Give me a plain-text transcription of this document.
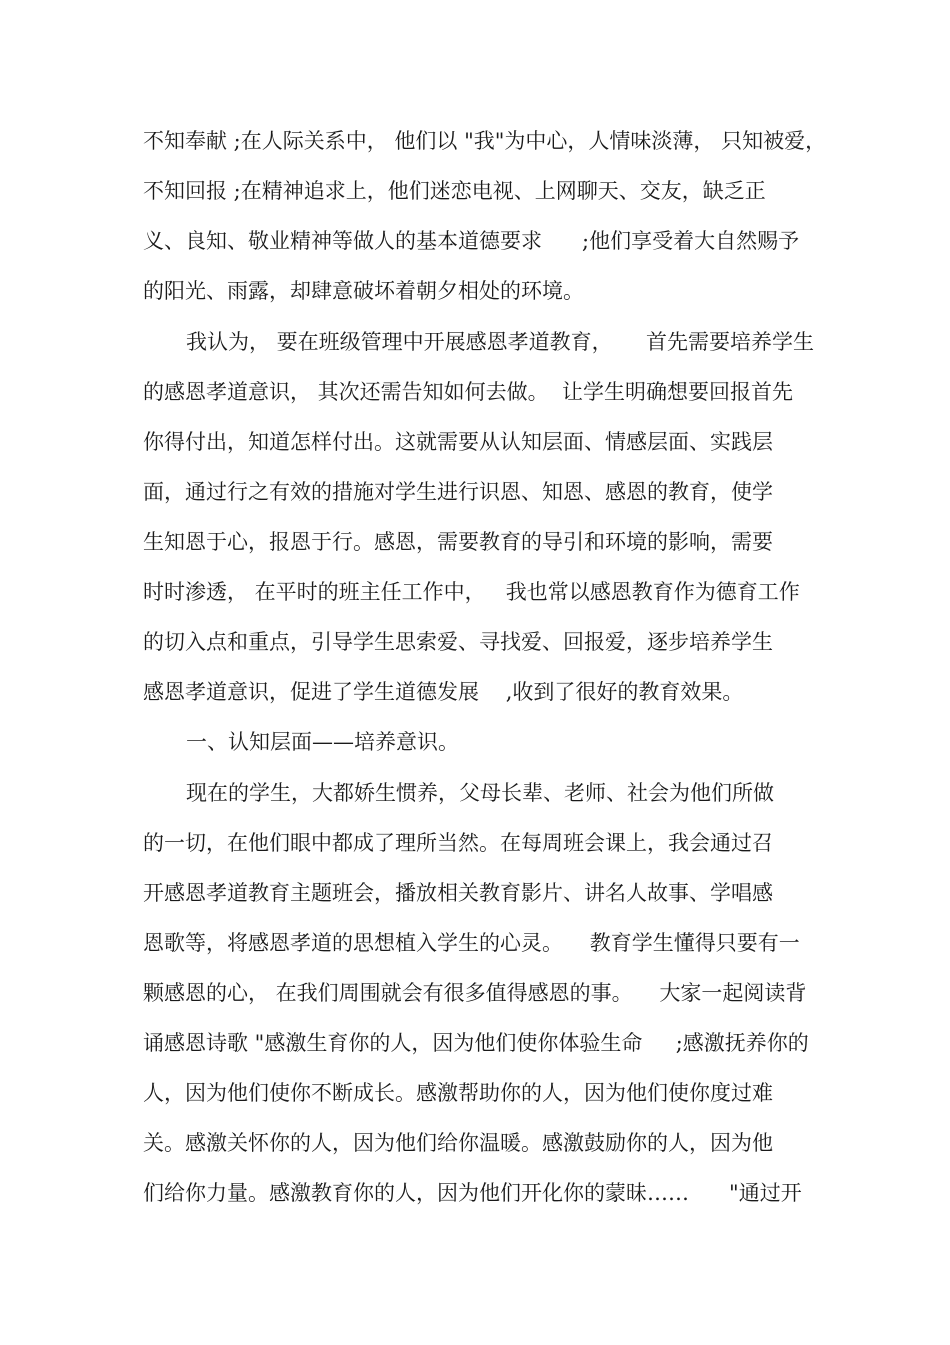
不知奉献 ;在人际关系中， 他们以 "我"为中心，人情味淡薄， 只知被爱，
不知回报 ;在精神追求上，他们迷恋电视、上网聊天、交友，缺乏正
义、良知、敬业精神等做人的基本道德要求      ;他们享受着大自然赐予
的阳光、雨露，却肆意破坏着朝夕相处的环境。
我认为， 要在班级管理中开展感恩孝道教育，     首先需要培养学生
的感恩孝道意识， 其次还需告知如何去做。  让学生明确想要回报首先
你得付出，知道怎样付出。这就需要从认知层面、情感层面、实践层
面，通过行之有效的措施对学生进行识恩、知恩、感恩的教育，使学
生知恩于心，报恩于行。感恩，需要教育的导引和环境的影响，需要
时时渗透， 在平时的班主任工作中，   我也常以感恩教育作为德育工作
的切入点和重点，引导学生思索爱、寻找爱、回报爱，逐步培养学生
感恩孝道意识，促进了学生道德发展    ,收到了很好的教育效果。
一、认知层面——培养意识。
现在的学生，大都娇生惯养，父母长辈、老师、社会为他们所做
的一切，在他们眼中都成了理所当然。在每周班会课上，我会通过召
开感恩孝道教育主题班会，播放相关教育影片、讲名人故事、学唱感
恩歌等，将感恩孝道的思想植入学生的心灵。    教育学生懂得只要有一
颗感恩的心， 在我们周围就会有很多值得感恩的事。    大家一起阅读背
诵感恩诗歌 "感激生育你的人，因为他们使你体验生命     ;感激抚养你的
人，因为他们使你不断成长。感激帮助你的人，因为他们使你度过难
关。感激关怀你的人，因为他们给你温暖。感激鼓励你的人，因为他
们给你力量。感激教育你的人，因为他们开化你的蒙昧……      "通过开
